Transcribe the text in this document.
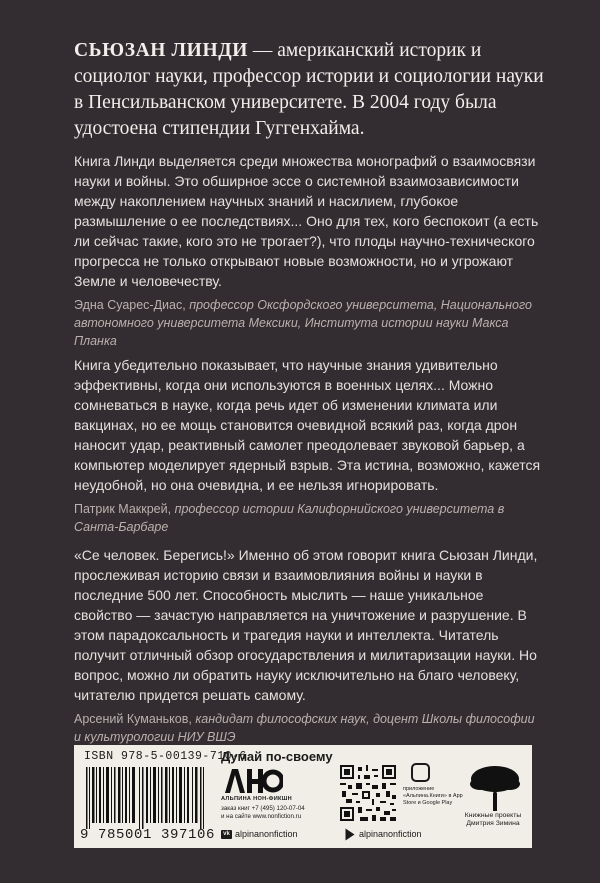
СЬЮЗАН ЛИНДИ — американский историк и социолог науки, профессор истории и социологии науки в Пенсильванском университете. В 2004 году была удостоена стипендии Гуггенхайма.
Книга Линди выделяется среди множества монографий о взаимосвязи науки и войны. Это обширное эссе о системной взаимозависимости между накоплением научных знаний и насилием, глубокое размышление о ее последствиях... Оно для тех, кого беспокоит (а есть ли сейчас такие, кого это не трогает?), что плоды научно-технического прогресса не только открывают новые возможности, но и угрожают Земле и человечеству.
Эдна Суарес-Диас, профессор Оксфордского университета, Национального автономного университета Мексики, Института истории науки Макса Планка
Книга убедительно показывает, что научные знания удивительно эффективны, когда они используются в военных целях... Можно сомневаться в науке, когда речь идет об изменении климата или вакцинах, но ее мощь становится очевидной всякий раз, когда дрон наносит удар, реактивный самолет преодолевает звуковой барьер, а компьютер моделирует ядерный взрыв. Эта истина, возможно, кажется неудобной, но она очевидна, и ее нельзя игнорировать.
Патрик Маккрей, профессор истории Калифорнийского университета в Санта-Барбаре
«Се человек. Берегись!» Именно об этом говорит книга Сьюзан Линди, прослеживая историю связи и взаимовлияния войны и науки в последние 500 лет. Способность мыслить — наше уникальное свойство — зачастую направляется на уничтожение и разрушение. В этом парадоксальность и трагедия науки и интеллекта. Читатель получит отличный обзор огосударствления и милитаризации науки. Но вопрос, можно ли обратить науку исключительно на благо человеку, читателю придется решать самому.
Арсений Куманьков, кандидат философских наук, доцент Школы философии и культурологии НИУ ВШЭ
ISBN 978-5-00139-710-6
9 785001 397106
Думай по-своему
АЛЬПИНА НОН-ФИКШН
заказ книг +7 (495) 120-07-04
и на сайте www.nonfiction.ru
приложение «Альпина.Книги» в App Store и Google Play
Книжные проекты Дмитрия Зимина
vk alpinanonfiction	alpinanonfiction
